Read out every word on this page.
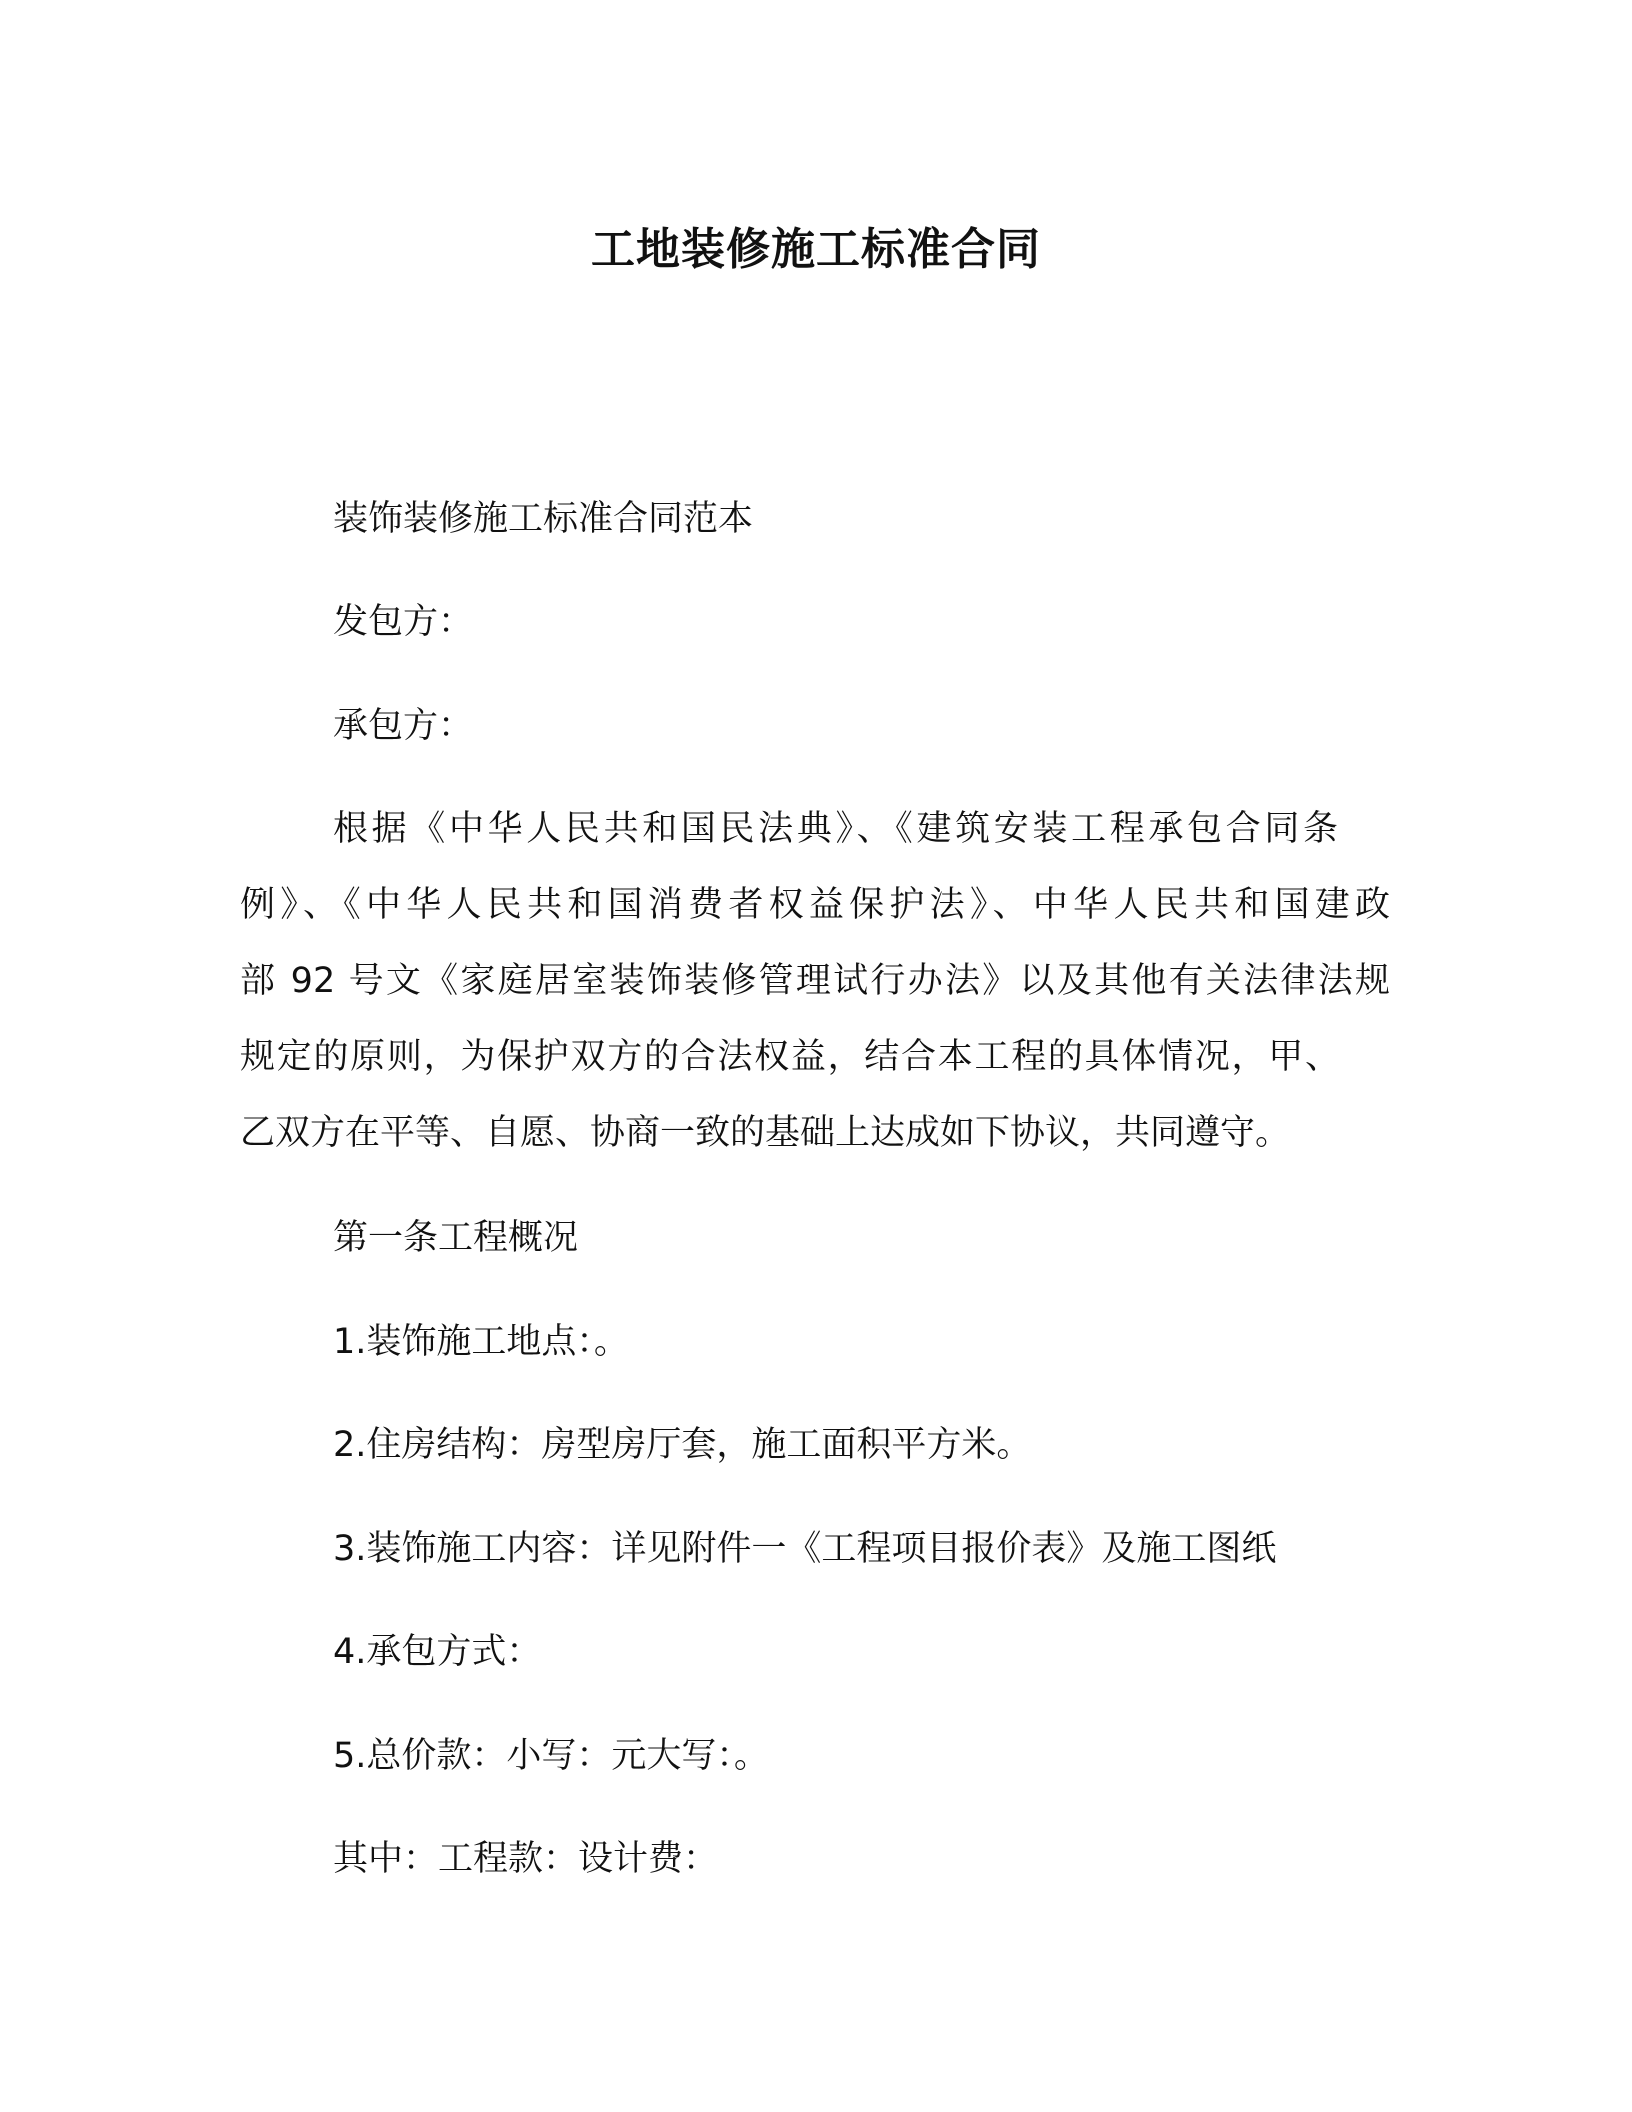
工地装修施工标准合同
装饰装修施工标准合同范本
发包方：
承包方：
根据《中华人民共和国民法典》、《建筑安装工程承包合同条
例》、《中华人民共和国消费者权益保护法》、中华人民共和国建政
部 92 号文《家庭居室装饰装修管理试行办法》以及其他有关法律法规
规定的原则，为保护双方的合法权益，结合本工程的具体情况，甲、
乙双方在平等、自愿、协商一致的基础上达成如下协议，共同遵守。
第一条工程概况
1.装饰施工地点：。
2.住房结构：房型房厅套，施工面积平方米。
3.装饰施工内容：详见附件一《工程项目报价表》及施工图纸
4.承包方式：
5.总价款：小写：元大写：。
其中：工程款：设计费：
